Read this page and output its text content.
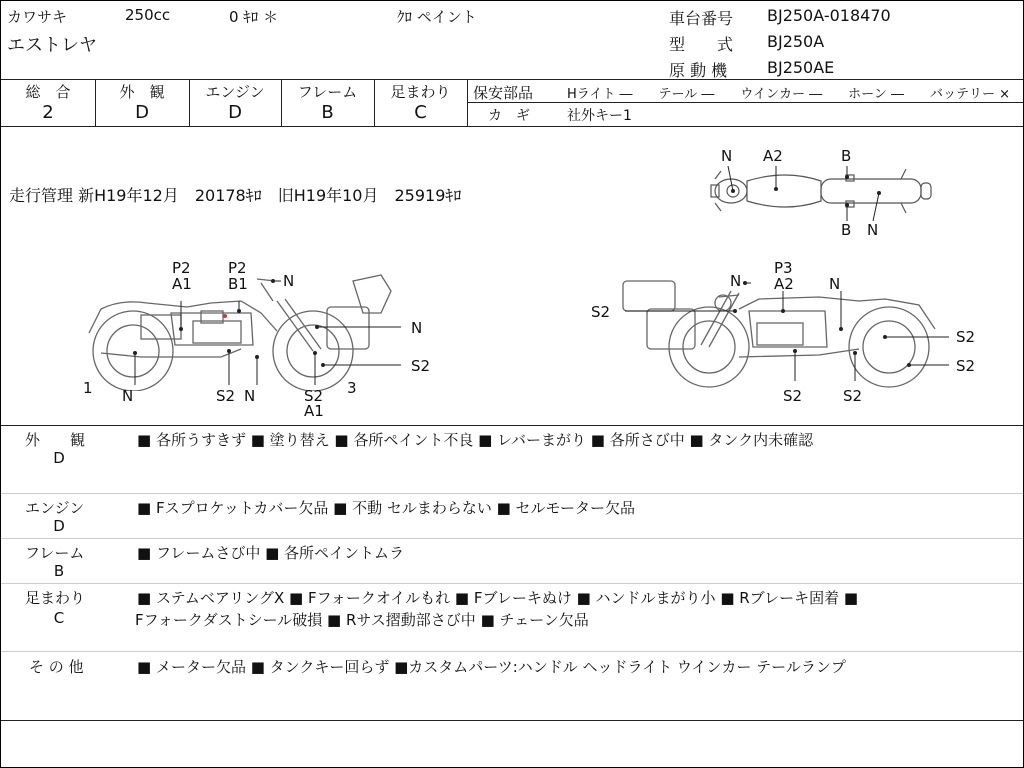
カワサキ	250cc	0 ｷﾛ ＊	ｸﾛ ペイント
エストレヤ
車台番号 BJ250A-018470
型　　式 BJ250A
原 動 機 BJ250AE
総　合
2
外　観
D
エンジン
D
フレーム
B
足まわり
C
保安部品	Hライト ―　　テール ―　　ウインカー ―　　ホーン ―　　バッテリー ×
カ　ギ	社外キー1
走行管理 新H19年12月　20178ｷﾛ　旧H19年10月　25919ｷﾛ
N A2	B
B N
P2
A1
P2
B1 N
N
S2
1 N	S2 N	S2
A1
3
N
P3
A2 N
S2
S2
S2
S2	S2
外　　観
D
■ 各所うすきず ■ 塗り替え ■ 各所ペイント不良 ■ レバーまがり ■ 各所さび中 ■ タンク内未確認
エンジン
D
■ Fスプロケットカバー欠品 ■ 不動 セルまわらない ■ セルモーター欠品
フレーム
B
■ フレームさび中 ■ 各所ペイントムラ
足まわり
C
■ ステムベアリングX ■ Fフォークオイルもれ ■ Fブレーキぬけ ■ ハンドルまがり小 ■ Rブレーキ固着 ■
Fフォークダストシール破損 ■ Rサス摺動部さび中 ■ チェーン欠品
そ の 他	■ メーター欠品 ■ タンクキー回らず ■カスタムパーツ:ハンドル ヘッドライト ウインカー テールランプ
